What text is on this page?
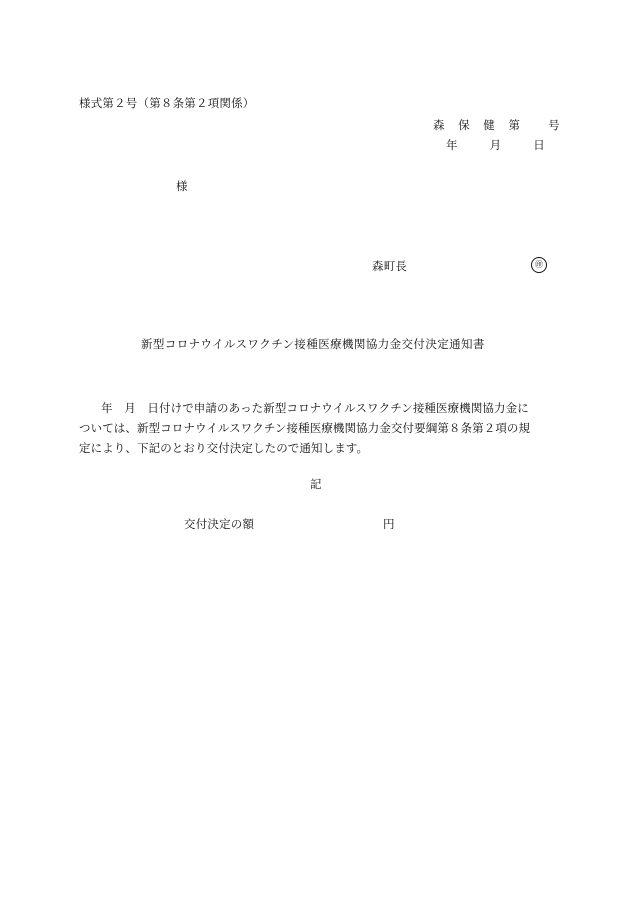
様式第２号（第８条第２項関係）
森 保 健 第　 号
年　 月　 日
様
森町長	㊞
新型コロナウイルスワクチン接種医療機関協力金交付決定通知書
年　月　日付けで申請のあった新型コロナウイルスワクチン接種医療機関協力金に
ついては、新型コロナウイルスワクチン接種医療機関協力金交付要綱第８条第２項の規
定により、下記のとおり交付決定したので通知します。
記
交付決定の額	円
